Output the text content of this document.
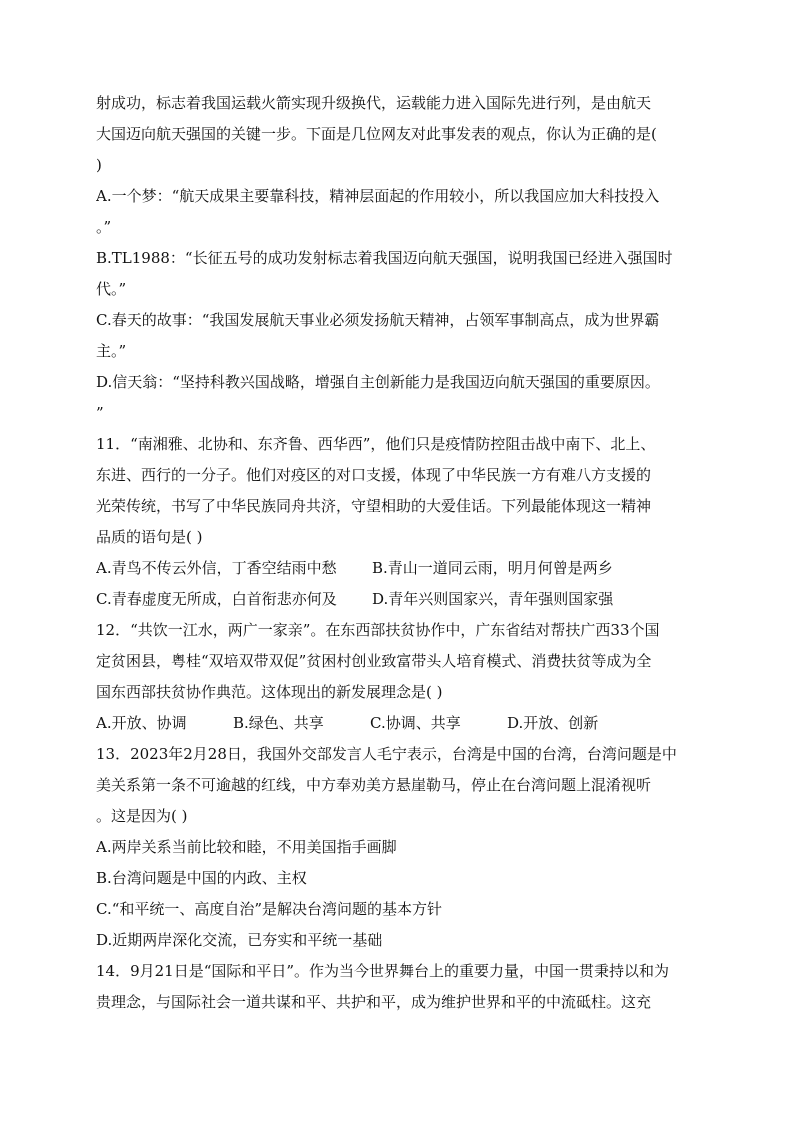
射成功，标志着我国运载火箭实现升级换代，运载能力进入国际先进行列，是由航天
大国迈向航天强国的关键一步。下面是几位网友对此事发表的观点，你认为正确的是(
)
A.一个梦：“航天成果主要靠科技，精神层面起的作用较小，所以我国应加大科技投入
。”
B.TL1988：“长征五号的成功发射标志着我国迈向航天强国，说明我国已经进入强国时
代。”
C.春天的故事：“我国发展航天事业必须发扬航天精神，占领军事制高点，成为世界霸
主。”
D.信天翁：“坚持科教兴国战略，增强自主创新能力是我国迈向航天强国的重要原因。
”
11．“南湘雅、北协和、东齐鲁、西华西”，他们只是疫情防控阻击战中南下、北上、
东进、西行的一分子。他们对疫区的对口支援，体现了中华民族一方有难八方支援的
光荣传统，书写了中华民族同舟共济，守望相助的大爱佳话。下列最能体现这一精神
品质的语句是( )
A.青鸟不传云外信，丁香空结雨中愁	B.青山一道同云雨，明月何曾是两乡
C.青春虚度无所成，白首衔悲亦何及	D.青年兴则国家兴，青年强则国家强
12．“共饮一江水，两广一家亲”。在东西部扶贫协作中，广东省结对帮扶广西33个国
定贫困县，粤桂“双培双带双促”贫困村创业致富带头人培育模式、消费扶贫等成为全
国东西部扶贫协作典范。这体现出的新发展理念是( )
A.开放、协调	B.绿色、共享	C.协调、共享	D.开放、创新
13．2023年2月28日，我国外交部发言人毛宁表示，台湾是中国的台湾，台湾问题是中
美关系第一条不可逾越的红线，中方奉劝美方悬崖勒马，停止在台湾问题上混淆视听
。这是因为( )
A.两岸关系当前比较和睦，不用美国指手画脚
B.台湾问题是中国的内政、主权
C.“和平统一、高度自治”是解决台湾问题的基本方针
D.近期两岸深化交流，已夯实和平统一基础
14．9月21日是“国际和平日”。作为当今世界舞台上的重要力量，中国一贯秉持以和为
贵理念，与国际社会一道共谋和平、共护和平，成为维护世界和平的中流砥柱。这充
